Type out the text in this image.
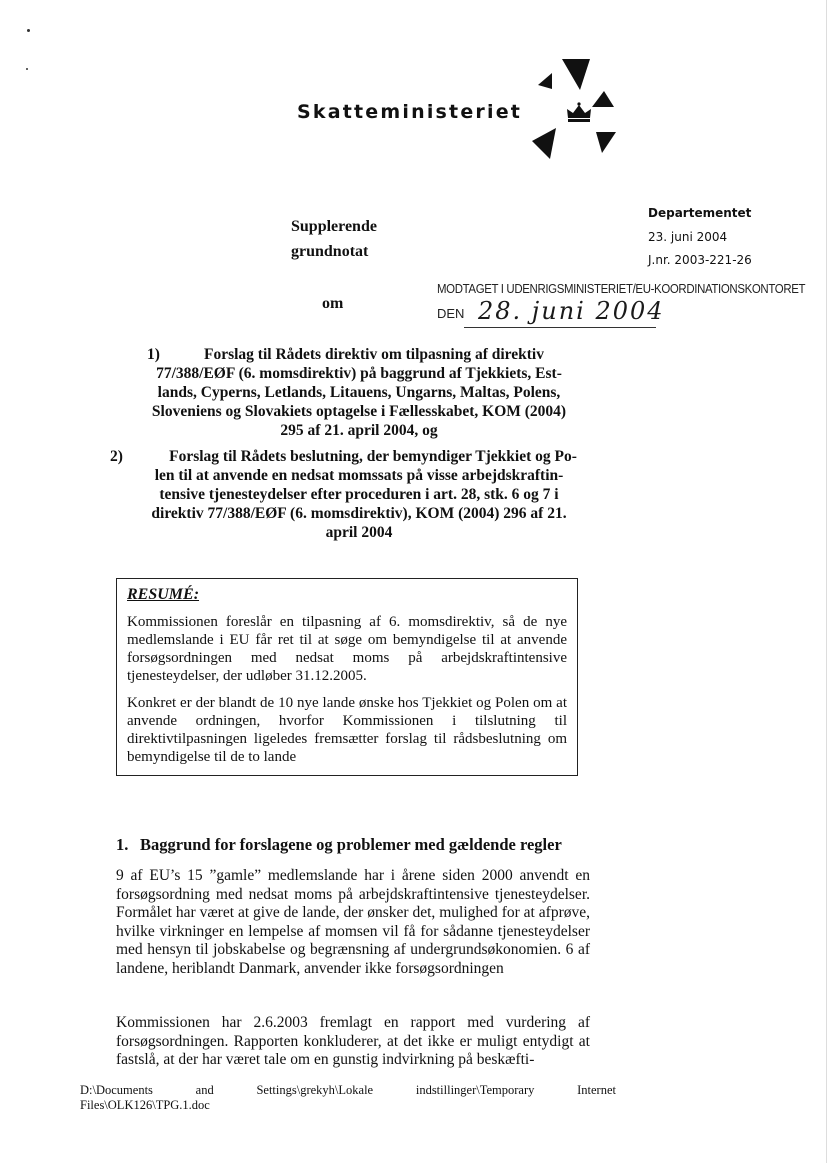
Skatteministeriet
Departementet
23. juni 2004
J.nr. 2003-221-26
Supplerende
grundnotat
om
MODTAGET I UDENRIGSMINISTERIET/EU-KOORDINATIONSKONTORET
DEN 28. juni 2004
1)	Forslag til Rådets direktiv om tilpasning af direktiv
77/388/EØF (6. momsdirektiv) på baggrund af Tjekkiets, Est-
lands, Cyperns, Letlands, Litauens, Ungarns, Maltas, Polens,
Sloveniens og Slovakiets optagelse i Fællesskabet, KOM (2004)
295 af 21. april 2004, og
2)	Forslag til Rådets beslutning, der bemyndiger Tjekkiet og Po-
len til at anvende en nedsat momssats på visse arbejdskraftin-
tensive tjenesteydelser efter proceduren i art. 28, stk. 6 og 7 i
direktiv 77/388/EØF (6. momsdirektiv), KOM (2004) 296 af 21.
april 2004
RESUMÉ:

Kommissionen foreslår en tilpasning af 6. momsdirektiv, så de nye medlemslande i EU får ret til at søge om bemyndigelse til at anvende forsøgsordningen med nedsat moms på arbejdskraftintensive tjenesteydelser, der udløber 31.12.2005.

Konkret er der blandt de 10 nye lande ønske hos Tjekkiet og Polen om at anvende ordningen, hvorfor Kommissionen i tilslutning til direktivtilpasningen ligeledes fremsætter forslag til rådsbeslutning om bemyndigelse til de to lande

1. Baggrund for forslagene og problemer med gældende regler
9 af EU’s 15 ”gamle” medlemslande har i årene siden 2000 anvendt en forsøgsordning med nedsat moms på arbejdskraftintensive tjenesteydelser. Formålet har været at give de lande, der ønsker det, mulighed for at afprøve, hvilke virkninger en lempelse af momsen vil få for sådanne tjenesteydelser med hensyn til jobskabelse og begrænsning af undergrundsøkonomien. 6 af landene, heriblandt Danmark, anvender ikke forsøgsordningen
Kommissionen har 2.6.2003 fremlagt en rapport med vurdering af forsøgsordningen. Rapporten konkluderer, at det ikke er muligt entydigt at fastslå, at der har været tale om en gunstig indvirkning på beskæfti-
D:\Documents	and	Settings\grekyh\Lokale	indstillinger\Temporary	Internet
Files\OLK126\TPG.1.doc
